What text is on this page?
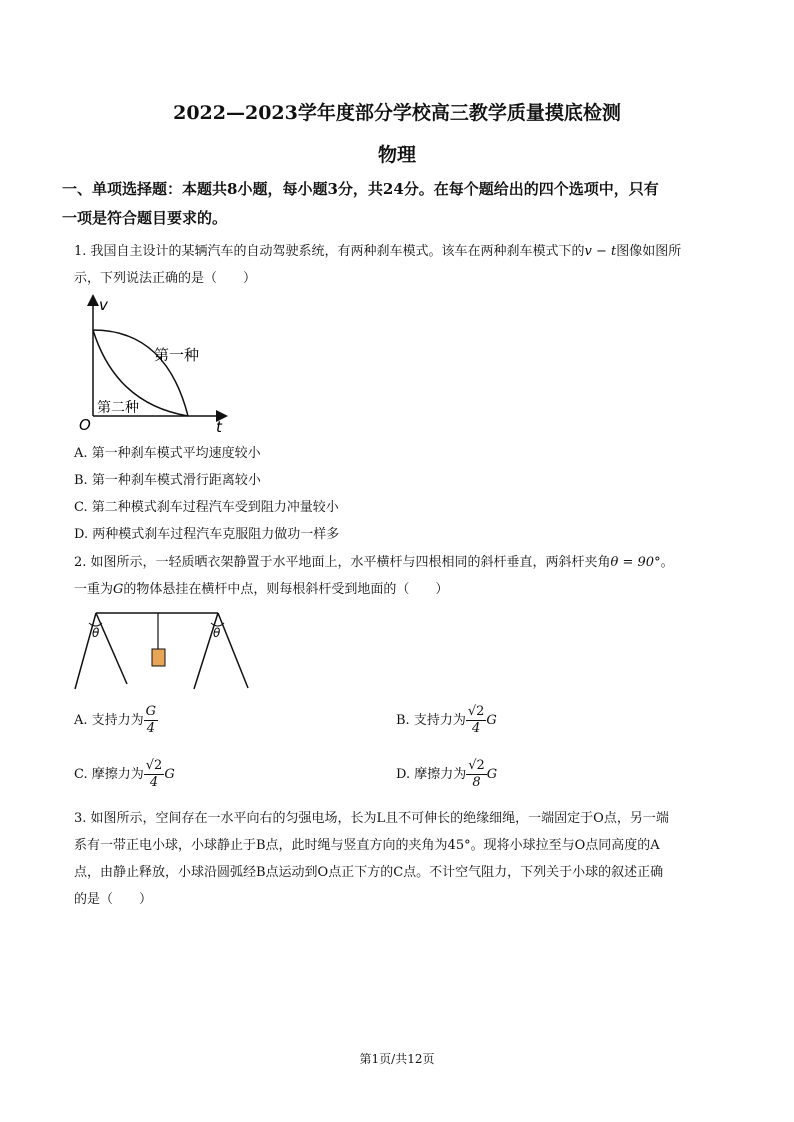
2022—2023学年度部分学校高三教学质量摸底检测
物理
一、单项选择题：本题共8小题，每小题3分，共24分。在每个题给出的四个选项中，只有
一项是符合题目要求的。
1. 我国自主设计的某辆汽车的自动驾驶系统，有两种刹车模式。该车在两种刹车模式下的v − t图像如图所
示，下列说法正确的是（　　）
v
t
O
第一种
第二种
A. 第一种刹车模式平均速度较小
B. 第一种刹车模式滑行距离较小
C. 第二种模式刹车过程汽车受到阻力冲量较小
D. 两种模式刹车过程汽车克服阻力做功一样多
2. 如图所示，一轻质晒衣架静置于水平地面上，水平横杆与四根相同的斜杆垂直，两斜杆夹角θ = 90°。
一重为G的物体悬挂在横杆中点，则每根斜杆受到地面的（　　）
θ	θ
A. 支持力为 $\frac{G}{4}$	B. 支持力为 $\frac{√2}{4}$ G
C. 摩擦力为 $\frac{√2}{4}$ G	D. 摩擦力为 $\frac{√2}{8}$ G
3. 如图所示，空间存在一水平向右的匀强电场，长为L且不可伸长的绝缘细绳，一端固定于O点，另一端
系有一带正电小球，小球静止于B点，此时绳与竖直方向的夹角为45°。现将小球拉至与O点同高度的A
点，由静止释放，小球沿圆弧经B点运动到O点正下方的C点。不计空气阻力，下列关于小球的叙述正确
的是（　　）
第1页/共12页
